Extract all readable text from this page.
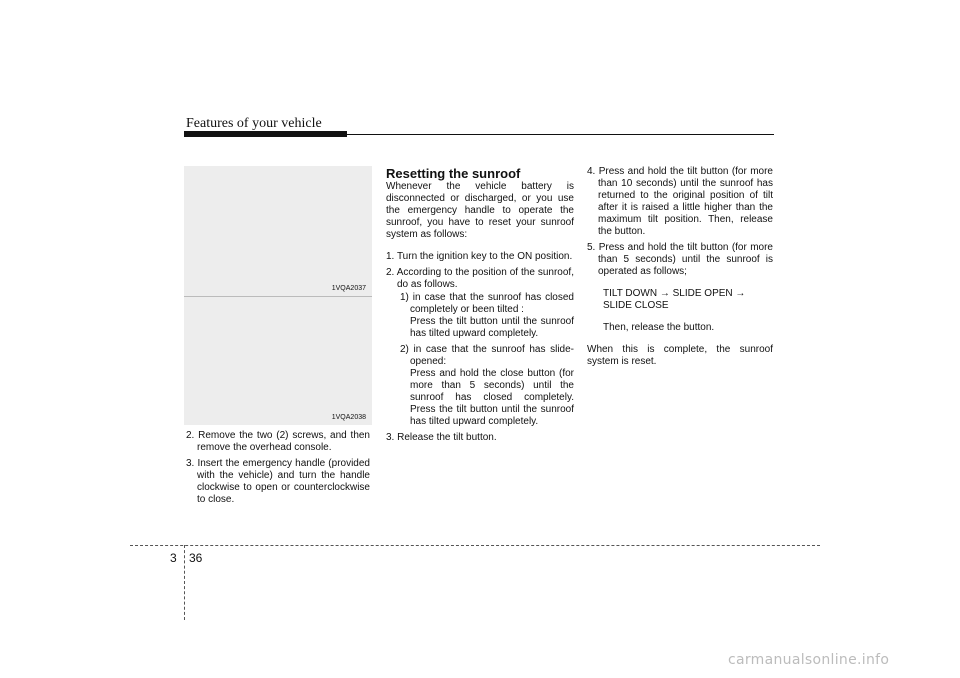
Features of your vehicle
1VQA2037
1VQA2038

2. Remove the two (2) screws, and then remove the overhead console.

3. Insert the emergency handle (provided with the vehicle) and turn the handle clockwise to open or counterclockwise to close.

Resetting the sunroof

Whenever the vehicle battery is disconnected or discharged, or you use the emergency handle to operate the sunroof, you have to reset your sunroof system as follows:

1. Turn the ignition key to the ON position.

2. According to the position of the sunroof, do as follows.

1) in case that the sunroof has closed completely or been tilted :

Press the tilt button until the sunroof has tilted upward completely.

2) in case that the sunroof has slide-opened:

Press and hold the close button (for more than 5 seconds) until the sunroof has closed completely. Press the tilt button until the sunroof has tilted upward completely.

3. Release the tilt button.

4. Press and hold the tilt button (for more than 10 seconds) until the sunroof has returned to the original position of tilt after it is raised a little higher than the maximum tilt position. Then, release the button.

5. Press and hold the tilt button (for more than 5 seconds) until the sunroof is operated as follows;

TILT DOWN → SLIDE OPEN → SLIDE CLOSE

Then, release the button.

When this is complete, the sunroof system is reset.

3 36
carmanualsonline.info
